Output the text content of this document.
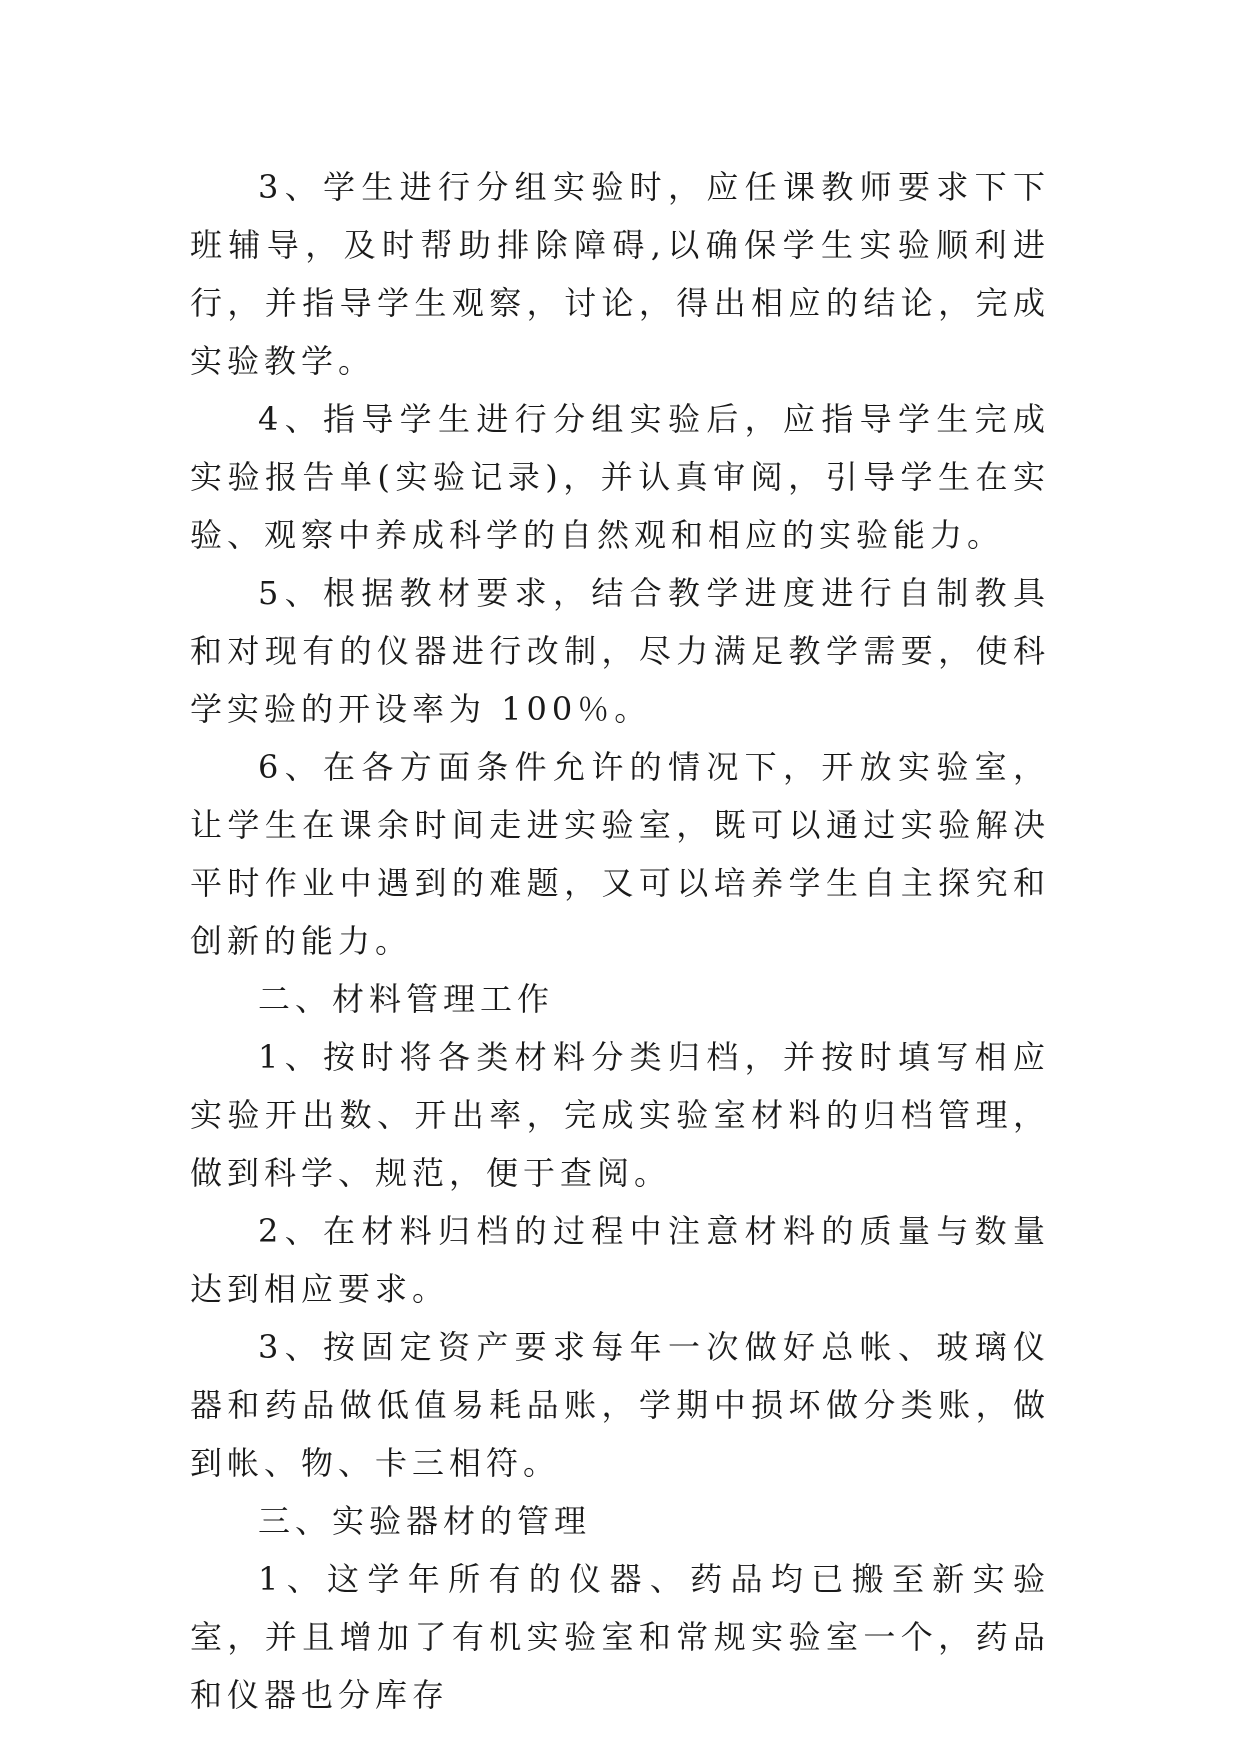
3、学生进行分组实验时，应任课教师要求下下班辅导，及时帮助排除障碍,以确保学生实验顺利进行，并指导学生观察，讨论，得出相应的结论，完成实验教学。

4、指导学生进行分组实验后，应指导学生完成实验报告单(实验记录)，并认真审阅，引导学生在实验、观察中养成科学的自然观和相应的实验能力。

5、根据教材要求，结合教学进度进行自制教具和对现有的仪器进行改制，尽力满足教学需要，使科学实验的开设率为 100％。

6、在各方面条件允许的情况下，开放实验室，让学生在课余时间走进实验室，既可以通过实验解决平时作业中遇到的难题，又可以培养学生自主探究和创新的能力。

二、材料管理工作

1、按时将各类材料分类归档，并按时填写相应实验开出数、开出率，完成实验室材料的归档管理，做到科学、规范，便于查阅。

2、在材料归档的过程中注意材料的质量与数量达到相应要求。

3、按固定资产要求每年一次做好总帐、玻璃仪器和药品做低值易耗品账，学期中损坏做分类账，做到帐、物、卡三相符。

三、实验器材的管理

1、这学年所有的仪器、药品均已搬至新实验室，并且增加了有机实验室和常规实验室一个，药品和仪器也分库存
